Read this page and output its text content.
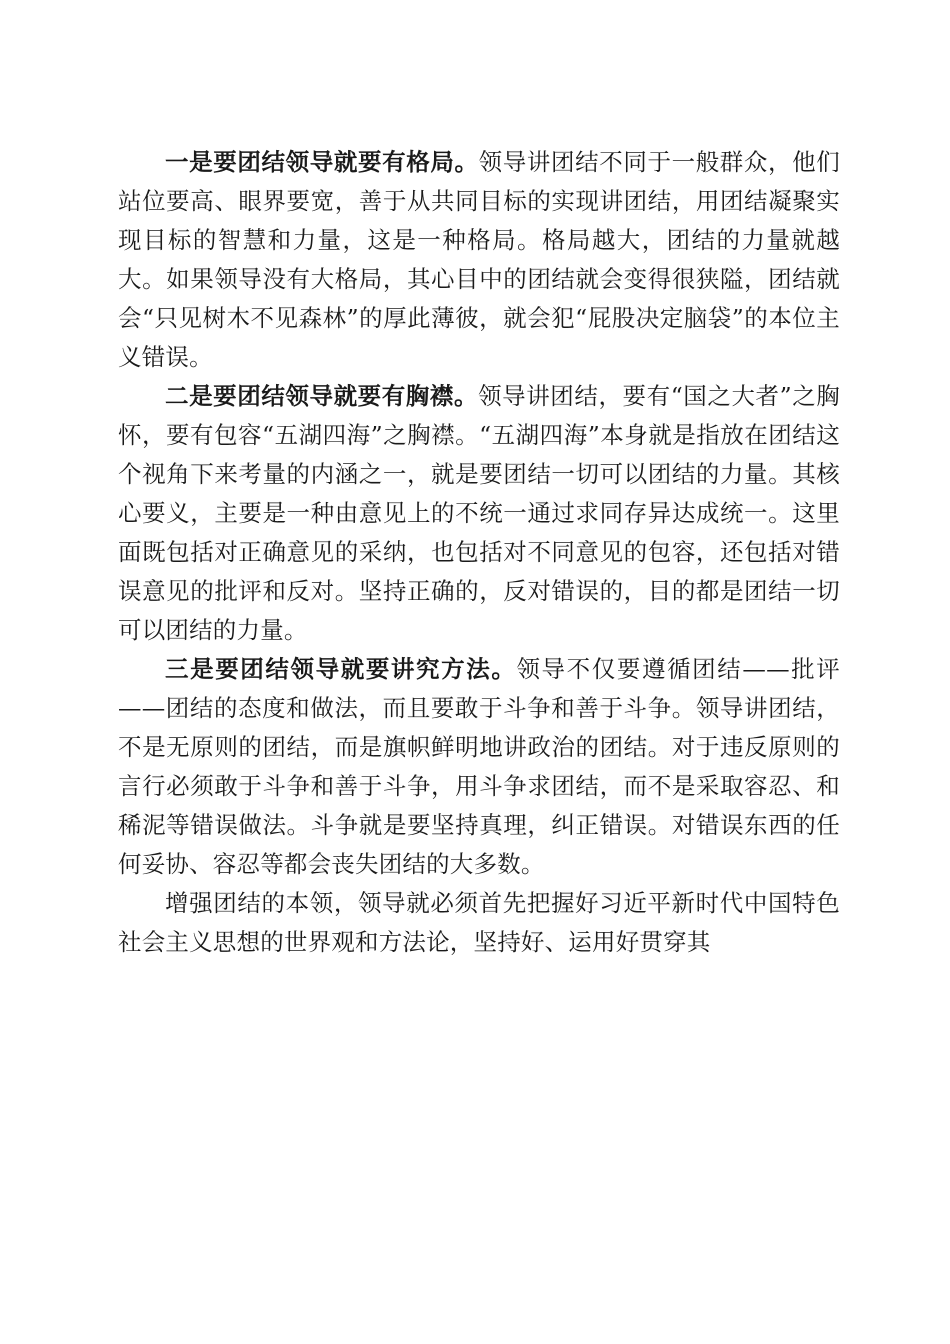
一是要团结领导就要有格局。领导讲团结不同于一般群众，他们站位要高、眼界要宽，善于从共同目标的实现讲团结，用团结凝聚实现目标的智慧和力量，这是一种格局。格局越大，团结的力量就越大。如果领导没有大格局，其心目中的团结就会变得很狭隘，团结就会“只见树木不见森林”的厚此薄彼，就会犯“屁股决定脑袋”的本位主义错误。

二是要团结领导就要有胸襟。领导讲团结，要有“国之大者”之胸怀，要有包容“五湖四海”之胸襟。“五湖四海”本身就是指放在团结这个视角下来考量的内涵之一，就是要团结一切可以团结的力量。其核心要义，主要是一种由意见上的不统一通过求同存异达成统一。这里面既包括对正确意见的采纳，也包括对不同意见的包容，还包括对错误意见的批评和反对。坚持正确的，反对错误的，目的都是团结一切可以团结的力量。

三是要团结领导就要讲究方法。领导不仅要遵循团结——批评——团结的态度和做法，而且要敢于斗争和善于斗争。领导讲团结，不是无原则的团结，而是旗帜鲜明地讲政治的团结。对于违反原则的言行必须敢于斗争和善于斗争，用斗争求团结，而不是采取容忍、和稀泥等错误做法。斗争就是要坚持真理，纠正错误。对错误东西的任何妥协、容忍等都会丧失团结的大多数。

增强团结的本领，领导就必须首先把握好习近平新时代中国特色社会主义思想的世界观和方法论，坚持好、运用好贯穿其
